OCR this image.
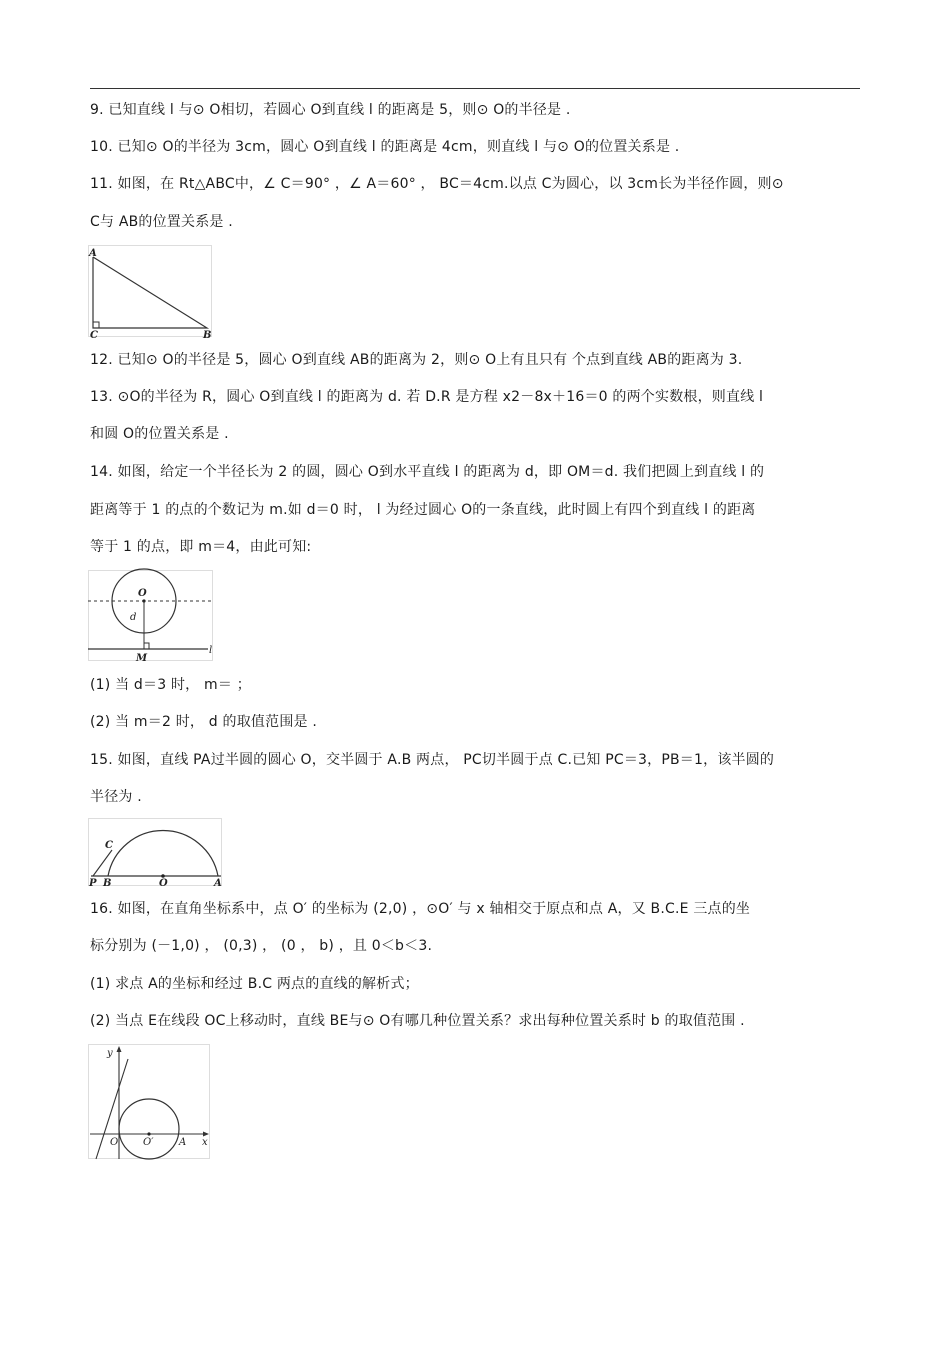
9. 已知直线 l 与⊙ O相切，若圆心 O到直线 l 的距离是 5，则⊙ O的半径是 .
10. 已知⊙ O的半径为 3cm，圆心 O到直线 l 的距离是 4cm，则直线 l 与⊙ O的位置关系是 .
11. 如图，在 Rt△ABC中，∠ C＝90° ，∠ A＝60° ， BC＝4cm.以点 C为圆心，以 3cm长为半径作圆，则⊙
C与 AB的位置关系是 .
A
C	B
12. 已知⊙ O的半径是 5，圆心 O到直线 AB的距离为 2，则⊙ O上有且只有 个点到直线 AB的距离为 3.
13. ⊙O的半径为 R，圆心 O到直线 l 的距离为 d. 若 D.R 是方程 x2－8x＋16＝0 的两个实数根，则直线 l
和圆 O的位置关系是 .
14. 如图，给定一个半径长为 2 的圆，圆心 O到水平直线 l 的距离为 d，即 OM＝d. 我们把圆上到直线 l 的
距离等于 1 的点的个数记为 m.如 d＝0 时， l 为经过圆心 O的一条直线，此时圆上有四个到直线 l 的距离
等于 1 的点，即 m＝4，由此可知:
O
d
M
l
(1) 当 d＝3 时， m＝ ；
(2) 当 m＝2 时， d 的取值范围是 .
15. 如图，直线 PA过半圆的圆心 O，交半圆于 A.B 两点， PC切半圆于点 C.已知 PC＝3，PB＝1，该半圆的
半径为 .
C
P B	O	A
16. 如图，在直角坐标系中，点 O′ 的坐标为 (2,0) ，⊙O′ 与 x 轴相交于原点和点 A，又 B.C.E 三点的坐
标分别为 (－1,0) ， (0,3) ， (0 ， b) ，且 0＜b＜3.
(1) 求点 A的坐标和经过 B.C 两点的直线的解析式；
(2) 当点 E在线段 OC上移动时，直线 BE与⊙ O有哪几种位置关系？求出每种位置关系时 b 的取值范围 .
y
O O′	A x
